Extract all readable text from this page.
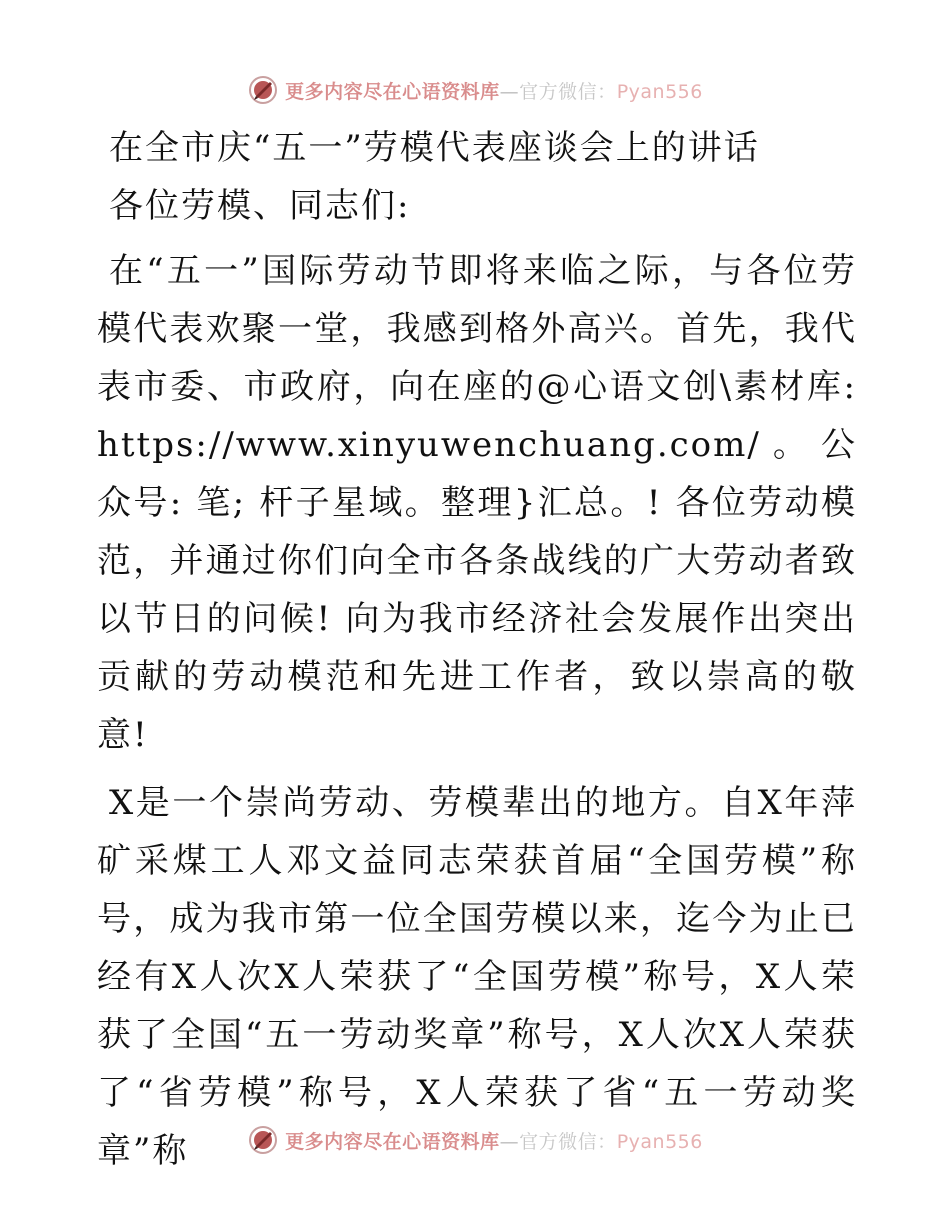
更多内容尽在心语资料库—官方微信：Pyan556
在全市庆“五一”劳模代表座谈会上的讲话

各位劳模、同志们:

在“五一”国际劳动节即将来临之际，与各位劳模代表欢聚一堂，我感到格外高兴。首先，我代表市委、市政府，向在座的@心语文创\素材库: https://www.xinyuwenchuang.com/。公众号: 笔; 杆子星域。整理}汇总。! 各位劳动模范，并通过你们向全市各条战线的广大劳动者致以节日的问候! 向为我市经济社会发展作出突出贡献的劳动模范和先进工作者，致以崇高的敬意!

X是一个崇尚劳动、劳模辈出的地方。自X年萍矿采煤工人邓文益同志荣获首届“全国劳模”称号，成为我市第一位全国劳模以来，迄今为止已经有X人次X人荣获了“全国劳模”称号，X人荣获了全国“五一劳动奖章”称号，X人次X人荣获了“省劳模”称号，X人荣获了省“五一劳动奖章”称	更多内容尽在心语资料库—官方微信：Pyan556
